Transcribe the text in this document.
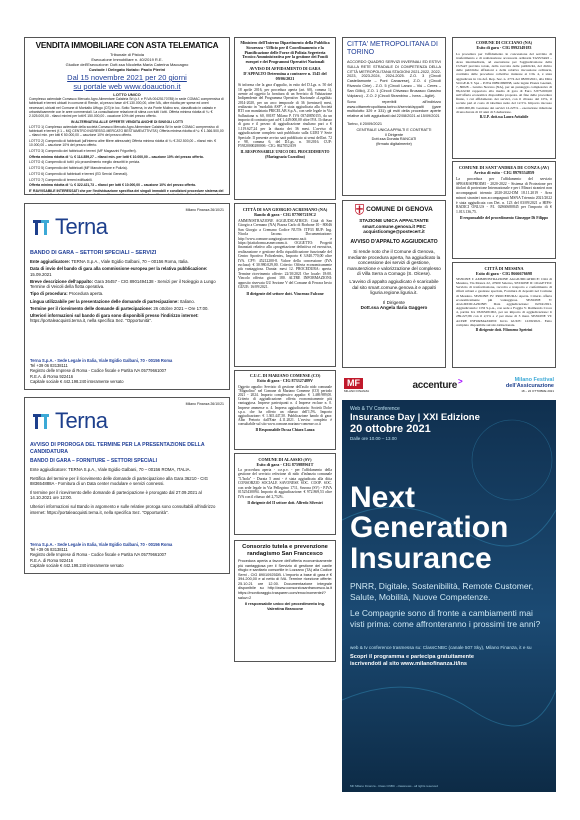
VENDITA IMMOBILIARE CON ASTA TELEMATICA
Tribunale di Pistoia
Esecuzione Immobiliare n. 40/2019 R.E.
Giudice dell'Esecuzione: Dott.ssa Nicoletta Maria Caterina Maccagno
Custode / Delegato Notaio: Paolo Pierini
Dal 15 novembre 2021 per 20 giorni
su portale web www.doauction.it
LOTTO UNICO

Complesso aziendale Comasco Mercato Agro Alimentare Calabria Srl (c.f. e P.IVA 00425170785) in sede COMAC comprensiva di fabbricati e terreni ubicati in comune di Rende, al prezzo base di € 130.000,00, oltre IVA, oltre ridotta per spese ed oneri necessari, ubicati nel Comune di Montalto Uffugo (CS) in loc. Sotto Taverna, in via Ponte Mulino snc, classificato in catasto e urbanisticamente con le aree commerciali. La consultazione relazione di stima con tutti i lotti. Offerta minima ridotta di ¼: € 2.025.000,00 - rilanci minimi per lotti € 150.000,00 - cauzione 10% del prezzo offerto.

IN ALTERNATIVA ALLE OFFERTE VENDITA ANCHE DI SINGOLI LOTTI

LOTTO 1) Complesso aziendale della società Comasco Mercato Agro Alimentare Calabria Srl in sede COMAC comprensivo di fabbricati e terreni (f.1 – MQ CENTRO INGRESSO-MERCATO BESTIAME/ATTIVITA') Offerta minima ridotta di ¼: € 1.366.500,00 – rilanci min. per lotti € 50.000,00 – cauzione 10% del prezzo offerto.

LOTTO 2) Compendio di fabbricati (all'interno altre filiere attrezzate) Offerta minima ridotta di ¼: € 202.500,00 – rilanci min. € 10.000,00 – cauzione 10% del prezzo offerto.

LOTTO 3) Compendio dei fabbricati e terreni (MF Magazzini Frigoriferi).

Offerta minima ridotta di ¼: € 114.859,27 – rilanci min. per lotti € 10.000,00 – cauzione 10% del prezzo offerto.

LOTTO 4) Compendio di tutti i più procedimento meglio descritti in perizia.

LOTTO 5) Compendio dei fabbricati (MF Manutenzione e Pulizia).

LOTTO 6) Compendio di fabbricati e terreni (ED Servizi Generali).

LOTTO 7) Compendio di terreni edificabili.

Offerta minima ridotta di ¼: € 322.421,73 – rilanci per lotti € 10.000,00 – cauzione 10% del prezzo offerto.

E' RAVVISABILE INTERESSATI che per l'individuazione specifica dei singoli immobili e condizioni procedure sistema del

Milano Finanza 26/10/21
Terna
BANDO DI GARA – SETTORI SPECIALI – SERVIZI

Ente aggiudicatore: TERNA S.p.A., Viale Egidio Galbani, 70 – 00156 Roma, Italia.

Data di invio del bando di gara alla commissione europea per la relativa pubblicazione: 15.09.2021

Breve descrizione dell'appalto: Gara 36457 - CIG 8901494138 - Servizi per il Noleggio a Lungo Termine di Veicoli della flotta operativa.

Tipo di procedura: Procedura aperta.

Lingua utilizzabile per la presentazione delle domande di partecipazione: Italiano.

Termine per il ricevimento delle domande di partecipazione: 26 ottobre 2021 – Ore 17:00.

Ulteriori informazioni sul bando di gara sono disponibili presso l'indirizzo internet: https://portaleacquisti.terna.it, nella specifica Sez. "Opportunità".

Terna S.p.A. - Sede Legale in Italia, Viale Egidio Galbani, 70 - 00156 Roma
Tel +39 06 83138111
Registro delle Imprese di Roma - Codice fiscale e Partita IVA 05779661007
R.E.A. di Roma 922416
Capitale sociale € 442.198.240 interamente versato
Milano Finanza 26/10/21
Terna
AVVISO DI PROROGA DEL TERMINE PER LA PRESENTAZIONE DELLA CANDIDATURA
BANDO DI GARA – FORNITURE – SETTORI SPECIALI

Ente aggiudicatore: TERNA S.p.A., Viale Egidio Galbani, 70 – 00156 ROMA, ITALIA.

Rettifica del termine per il ricevimento delle domande di partecipazione alla Gara 36210 - CIG 883654888A - Fornitura di un Data center modulare e servizi connessi.

Il termine per il ricevimento delle domande di partecipazione è prorogato dal 27.09.2021 al 14.10.2021 ore 12:00.

Ulteriori informazioni sul Bando in argomento e sulle relative proroga sono consultabili all'indirizzo internet: https://portaleacquisti.terna.it, nella specifica Sez. "Opportunità".

Terna S.p.A. - Sede Legale in Italia, Viale Egidio Galbani, 70 - 00156 Roma
Tel +39 06 83138111
Registro delle Imprese di Roma - Codice fiscale e Partita IVA 05779661007
R.E.A. di Roma 922416
Capitale sociale € 442.198.240 interamente versato
Ministero dell'Interno Dipartimento della Pubblica Sicurezza - Ufficio per il Coordinamento e la Pianificazione delle Forze di Polizia Segreteria Tecnico Amministrativa per la gestione dei Fondi europei e dei Programmi Operativi Nazionali
AVVISO DI AFFIDAMENTO DI GARA D'APPALTO Determina a contrarre n. 1545 del 09/06/2021

Si informa che la gara d'appalto, in esito del D.Lgs. n. 50 del 18 aprile 2016, per procedura aperta (art. 60), comma 1), avente ad oggetto la fornitura di un Servizio di Valutazione Indipendente del Programma Operativo Nazionale «Legalità» 2014-2020, per un arco temporale di 36 (trentasei) mesi, realizzato in "modalità ASP", è stata aggiudicata alla Società RTI con mandataria PRICELAB S.p.A., con sede legale in Via Sallustiana n. 60, 00187 Milano P. IVA 03740850155, da un importo di contratto pari ad € 1.449.000,00 oltre IVA. Il ribasso di gara e il prezzo di aggiudicazione risultano pari a € 1.119.627,24 per la durata dei 36 mesi. L'avviso di aggiudicazione completo sarà pubblicato sulla GURI V Serie Speciale. Il presente avviso sarà pubblicato ai sensi dell'art. 72 e 98, comma 6, del D.Lgs. n. 50/2016. CUP: F59J20000280006 - CIG: 8627052A59

IL RESPONSABILE UNICO DEL PROCEDIMENTO (Mariagrazia Cozzolino)
CITTÀ DI SAN GIORGIO ACREMANO (NA)
Bando di gara - CIG 877007219C2

AMMINISTRAZIONE AGGIUDICATRICE: Città di San Giorgio a Cremano (NA) Piazza Carlo di Borbone 10 - 80046 San Giorgio a Cremano Codice NUTS: ITF33 RUP: Ing. Nicola Iacono. Documentazione: http://www.comune.sangiorgioacremano.na.it e https://piattaforma.asmecomm.it. OGGETTO: Progetti finanziati relativo alla «progettazione definitiva ed esecutiva, realizzazione e gestione della riqualificazione funzionale del Centro Sportivo Polivalente», Importo € 3.840.770,00 oltre IVA. CPV: 45212200-8. Valore della concessione (IVA esclusa): € 30.980.029,00. Criterio: Offerta economicamente più vantaggiosa. Durata: mesi 12. PROCEDURA: aperta. Termine ricevimento offerte: 22/10/2021 Ore locale: 18:00. Vincolo offerta: giorni 180. ALTRE INFORMAZIONI: apposito riservata GU Sezione V del Comune di Ferrara Invio GUUE: 16/09/2021.

Il dirigente del settore dott. Vincenzo Falcone
C.U.C. DI MARIANO COMENSE (CO)
Esito di gara - CIG 873327489V

Oggetto appalto: Servizio di gestione dell'asilo nido comunale "Mignolino" nel Comune di Mariano Comense (CO) periodo 2021 - 2024. Importo complessivo appalto: € 1.469.989,00. Criterio di aggiudicazione: offerta economicamente più vantaggiosa. Imprese partecipanti n. 4 Imprese escluse n. 0. Imprese ammesse n. 4. Impresa aggiudicataria: Società Dolce s.p.a. che ha offerto un ribasso dell'1,5%. Importo aggiudicazione: € 1.365.447,50. Pubblicazione bando di gara: Albo Pretorio dall'Ente 4.11.2021. L'avviso completo è consultabile sul sito www.comune.mariano-comense.co.it

Il Responsabile Dr.ssa Chiara Lanza
COMUNE DI ALASSIO (SV)
Esito di gara - CIG 875988961T

La procedura aperta - o.e.p.v. - per l'affidamento della gestione del servizio refezione di nido d'infanzia comunale "L'Isola" - Durata 5 anni - è stata aggiudicata alla ditta CONSORZIO SOCIALE SAVONESE SOC. COOP. SOC. con sede legale in Via Pellegrino 1711, Savona (SV) - P.IVA 01525430094. Importo di aggiudicazione: € 972.869,53 oltre IVA con il ribasso del 2,752%.

Il dirigente del II settore dott. Alfredo Silvestri
Consorzio tutela e prevenzione randagismo San Francesco

Procedura aperta a favore dell'offerta economicamente più vantaggiosa per il Servizio di gestione del canile rifugio e sanitario consortile in Lozzano (TA) alla Codice Semi - CIG 89010925DB. L'importo a base di gara è € 394.200,00 e al netto di IVA. Termine ricezione offerte: 25.10.21 ore 12.00. Documentazione integrale disponibile su http://www.consorziosanfrancesco.la.it https://monitoraggio.trasparen.com/enoc/nomentel/?saluz=2

Il responsabile unico del procedimento Ing. Valentina Brancone
CITTA' METROPOLITANA DI TORINO

ACCORDO QUADRO SERVIZI INVERNALI ED ESTIVI SULLA RETE STRADALE DI COMPETENZA DELLA CITTÀ METROPOLITANA STAGIONI 2021-2022, 2022-2023, 2023-2024, 2024-2025. Z.O. 3 (Circoli Castellamonte – Pont Canavese), Z.O. 4 (Circoli Rivarolo Cirie) - Z.O. 5 (Circoli Lanzo – Viù – Ceres – San Gillio), Z.O. 1 (Circoli Chivasso Brusasco Gassino Volpiano) - Z.O. 2 (Circoli Strambino – Ivrea – Agliè).

Sono reperibili all'indirizzo www.cittametropolitana.torino.it/servizi/appalti (gare multiolotto 329 e 331) gli esiti della procedure aperte relative ai lotti aggiudicati dal 22/08/2021 al 15/09/2021

Torino, il 20/09/2021
CENTRALE UNICA APPALTI E CONTRATTI
Il Dirigente
Dott.ssa Donata RANCATI
(firmato digitalmente)
COMUNE DI GENOVA
STAZIONE UNICA APPALTANTE smart.comune.genova.it PEC acquisticomge@postecert.it
AVVISO D'APPALTO AGGIUDICATO

Si rende noto che il Comune di Genova, mediante procedura aperta, ha aggiudicato la concessione dei servizi di gestione, manutenzione e valorizzazione del complesso di Villa Serra a Comago (S. Olcese).

L'avviso di appalto aggiudicato è scaricabile dal sito smart.comune.genova.it e appalti liguria.regione.liguria.it.

Il Dirigente
Dott.ssa Angela Ilaria Gaggero
COMUNE DI CICCIANO (NA)
Esito di gara - CIG 8992349183

La procedura per l'affidamento in concessione del servizio di trasferimento e di realizzazione accessoria ordinaria TASSTARI – Area intermediaria, ad esecuzione per l'aggiudicazione della CUSAT prevista totale, della raccolta delle pubblicità, del diritto delle pubbliche affissioni e della relativa riscossione ordinaria, costituita dalle procedure collettive riunione ai CIG 4, è stata aggiudicata in via def. Rep. Sez. n. 2774 del 08/08/2021, alla Ditta SO.GE.R.T. Spa – P.IVA 00891960838, sede legale Piazza Gaetani, 7, 80028 – Grumo Nevano (NA), per un punteggio complessivo di 86,222/40 rapportato alla media di gara di Euro 3.875.000,00 sull'offerta economica disponibile proposta. Al fine delle procedure finale, i cui affidamento dei servizi, con il ribasso del 10%, il sociale pari al costo di tabellare netto del 12.5%. Importo riscosso 1.000.000,00. Gestione dei servizi 12.225% – esecuzione riduzione di una durata di 10 anni di 3 deduzione.

R.U.P. dott.ssa Laura Avitabile
COMUNE DI SANT'ANDREA DE CONZA (AV)
Avviso di esito - CIG 8979554859

La procedura per l'affidamento del servizio SPRAR/SIPROIMI - 2020-2022 - Sistema di Protezione per titolari di protezione Internazionale e per i Minori stranieri non accompagnati triennio 2020-2022-DM 18.11.2019 - Area minori stranieri non accompagnati MSNA Triennio 2021/2022 è stata aggiudicata con Det. n. 123 del 03/09/2021 a HIPS-RADICI ONLUS - P.I. 02860680845 per l'importo di € 1.013.136,75.

Il responsabile del procedimento Giuseppe Di Filippo
CITTÀ DI MESSINA
Esito di gara - CIG 8666676698

SEZIONE I: AMMINISTRAZIONE AGGIUDICATRICE: Città di Messina, Via Monza 22, 47900 Salerno, SEZIONE II: OGGETTO: Servizio di trasformazione, raccolta e trasporto e conferimento di rifiuti urbani e gestione speciale, Fornitura di depositi nel Comune di Messina. SEZIONE IV: PROCEDURA: Aperta. Criterio offerta economicamente più vantaggiosa. SEZIONE V: AGGIUDICAZIONE: Data aggiudicazione: 02/04/2021. Aggiudicatario: CNI S.p.A., con sede a Foggia V. Raimondo Croce 4, partita Iva 03265281002, per un importo di aggiudicazione: € 289.227,86 con il 2,5% e 2 per mese di 3 mesi. SEZIONE VI: ALTRE INFORMAZIONI: Invio GUUE: 12/09/2021. Esito completo disponibile sul sito istituzionale.

Il dirigente dott. Filomeno Spetrini
MF
MILANO FINANZA	accenture >	Milano Festival
dell'Assicurazione
18 – 22 OTTOBRE 2021
Web & TV Conference
Insurance Day | XXI Edizione
20 ottobre 2021
Dalle ore 10.00 – 13.00
Next
Generation
Insurance
PNRR, Digitale, Sostenibilità, Remote Customer, Salute, Mobilità, Nuove Competenze.
Le Compagnie sono di fronte a cambiamenti mai visti prima: come affronteranno i prossimi tre anni?
web & tv conference trasmessa su: ClassCNBC (canale 507 Sky), Milano Finanza, it e su
Scopri il programma e partecipa gratuitamente
iscrivendoti al sito www.milanofinanza.it/ins
MF Milano Finanza - Class CNBC - classnews - all rights reserved
